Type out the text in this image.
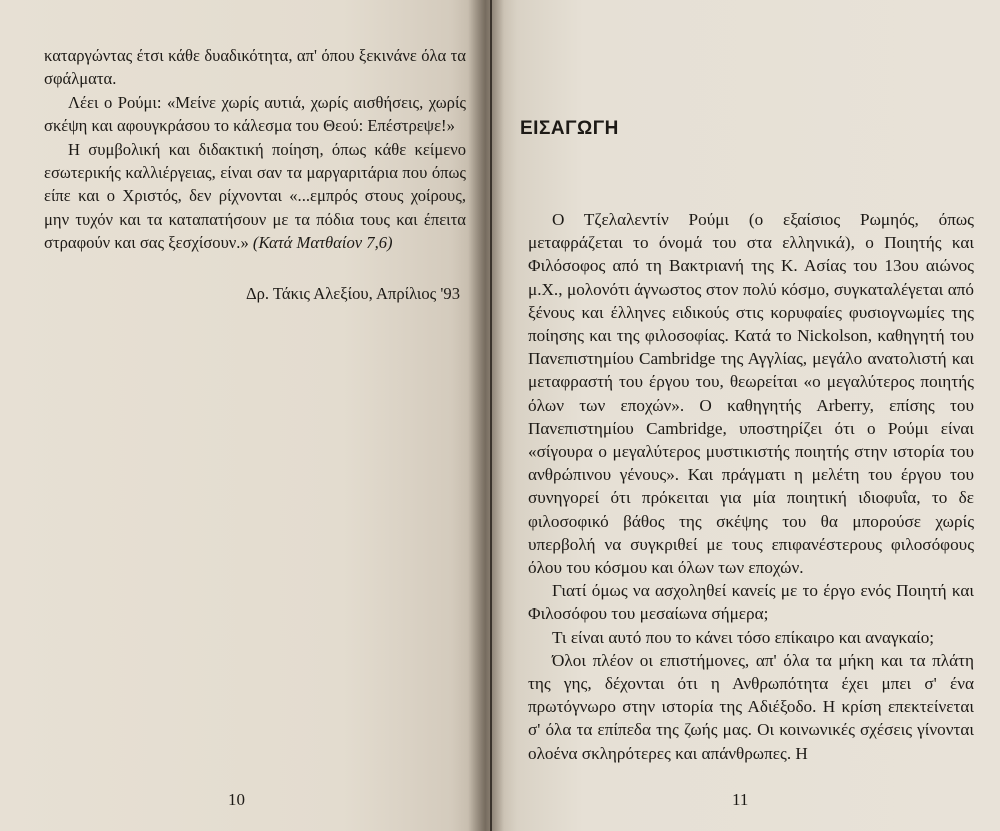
καταργώντας έτσι κάθε δυαδικότητα, απ' όπου ξεκινάνε όλα τα σφάλματα.

Λέει ο Ρούμι: «Μείνε χωρίς αυτιά, χωρίς αισθήσεις, χωρίς σκέψη και αφουγκράσου το κάλεσμα του Θεού: Επέστρεψε!»

Η συμβολική και διδακτική ποίηση, όπως κάθε κείμενο εσωτερικής καλλιέργειας, είναι σαν τα μαργαριτάρια που όπως είπε και ο Χριστός, δεν ρίχνονται «...εμπρός στους χοίρους, μην τυχόν και τα καταπατήσουν με τα πόδια τους και έπειτα στραφούν και σας ξεσχίσουν.» (Κατά Ματθαίον 7,6)

Δρ. Τάκις Αλεξίου, Απρίλιος '93

10

ΕΙΣΑΓΩΓΗ

Ο Τζελαλεντίν Ρούμι (ο εξαίσιος Ρωμηός, όπως μεταφράζεται το όνομά του στα ελληνικά), ο Ποιητής και Φιλόσοφος από τη Βακτριανή της Κ. Ασίας του 13ου αιώνος μ.Χ., μολονότι άγνωστος στον πολύ κόσμο, συγκαταλέγεται από ξένους και έλληνες ειδικούς στις κορυφαίες φυσιογνωμίες της ποίησης και της φιλοσοφίας. Κατά το Nickolson, καθηγητή του Πανεπιστημίου Cambridge της Αγγλίας, μεγάλο ανατολιστή και μεταφραστή του έργου του, θεωρείται «ο μεγαλύτερος ποιητής όλων των εποχών». Ο καθηγητής Arberry, επίσης του Πανεπιστημίου Cambridge, υποστηρίζει ότι ο Ρούμι είναι «σίγουρα ο μεγαλύτερος μυστικιστής ποιητής στην ιστορία του ανθρώπινου γένους». Και πράγματι η μελέτη του έργου του συνηγορεί ότι πρόκειται για μία ποιητική ιδιοφυΐα, το δε φιλοσοφικό βάθος της σκέψης του θα μπορούσε χωρίς υπερβολή να συγκριθεί με τους επιφανέστερους φιλοσόφους όλου του κόσμου και όλων των εποχών.

Γιατί όμως να ασχοληθεί κανείς με το έργο ενός Ποιητή και Φιλοσόφου του μεσαίωνα σήμερα;

Τι είναι αυτό που το κάνει τόσο επίκαιρο και αναγκαίο;

Όλοι πλέον οι επιστήμονες, απ' όλα τα μήκη και τα πλάτη της γης, δέχονται ότι η Ανθρωπότητα έχει μπει σ' ένα πρωτόγνωρο στην ιστορία της Αδιέξοδο. Η κρίση επεκτείνεται σ' όλα τα επίπεδα της ζωής μας. Οι κοινωνικές σχέσεις γίνονται ολοένα σκληρότερες και απάνθρωπες. Η

11
